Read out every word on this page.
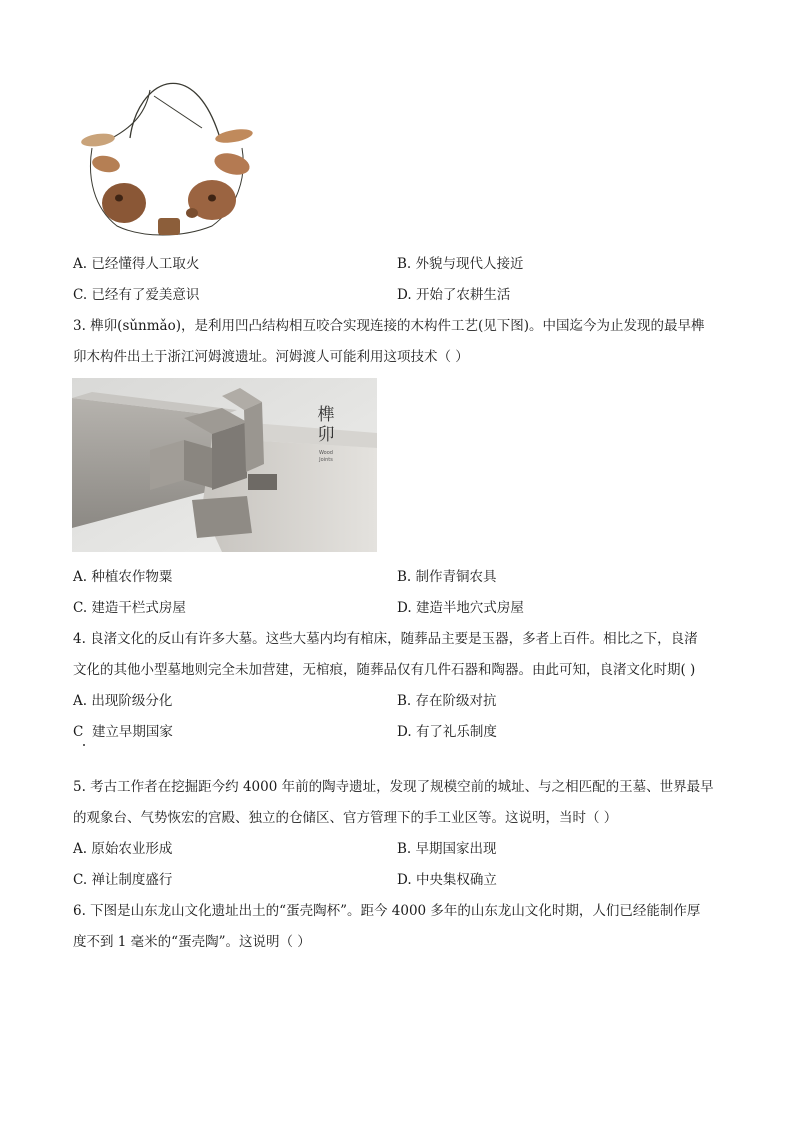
A. 已经懂得人工取火	B. 外貌与现代人接近
C. 已经有了爱美意识	D. 开始了农耕生活
3. 榫卯(sǔnmǎo)，是利用凹凸结构相互咬合实现连接的木构件工艺(见下图)。中国迄今为止发现的最早榫
卯木构件出土于浙江河姆渡遗址。河姆渡人可能利用这项技术（ ）
榫
卯
Wood
Joints
A. 种植农作物粟	B. 制作青铜农具
C. 建造干栏式房屋	D. 建造半地穴式房屋
4. 良渚文化的反山有许多大墓。这些大墓内均有棺床，随葬品主要是玉器，多者上百件。相比之下，良渚
文化的其他小型墓地则完全未加营建，无棺痕，随葬品仅有几件石器和陶器。由此可知，良渚文化时期( )
A. 出现阶级分化	B. 存在阶级对抗
C 建立早期国家	D. 有了礼乐制度
5. 考古工作者在挖掘距今约 4000 年前的陶寺遗址，发现了规模空前的城址、与之相匹配的王墓、世界最早
的观象台、气势恢宏的宫殿、独立的仓储区、官方管理下的手工业区等。这说明，当时（ ）
A. 原始农业形成	B. 早期国家出现
C. 禅让制度盛行	D. 中央集权确立
6. 下图是山东龙山文化遗址出土的“蛋壳陶杯”。距今 4000 多年的山东龙山文化时期，人们已经能制作厚
度不到 1 毫米的“蛋壳陶”。这说明（ ）
